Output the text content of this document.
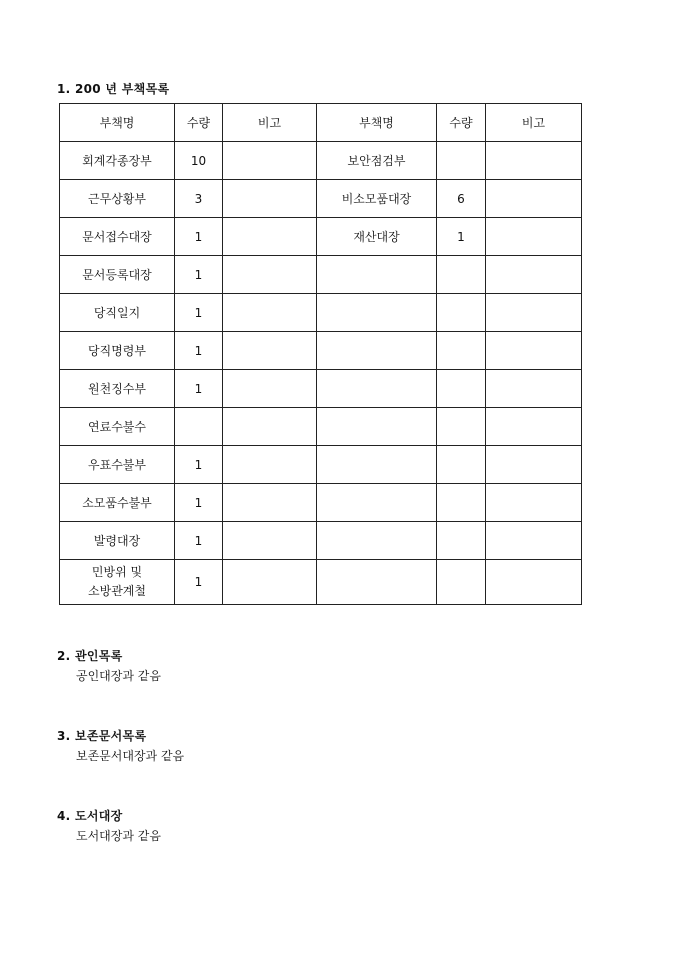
1. 200 년 부책목록
부책명	수량	비고	부책명	수량	비고
회계각종장부	10		보안점검부		
근무상황부	3		비소모품대장	6	
문서접수대장	1		재산대장	1	
문서등록대장	1				
당직일지	1				
당직명령부	1				
원천징수부	1				
연료수불수					
우표수불부	1				
소모품수불부	1				
발령대장	1				
민방위 및
소방관계철	1				
2. 관인목록
공인대장과 같음
3. 보존문서목록
보존문서대장과 같음
4. 도서대장
도서대장과 같음
